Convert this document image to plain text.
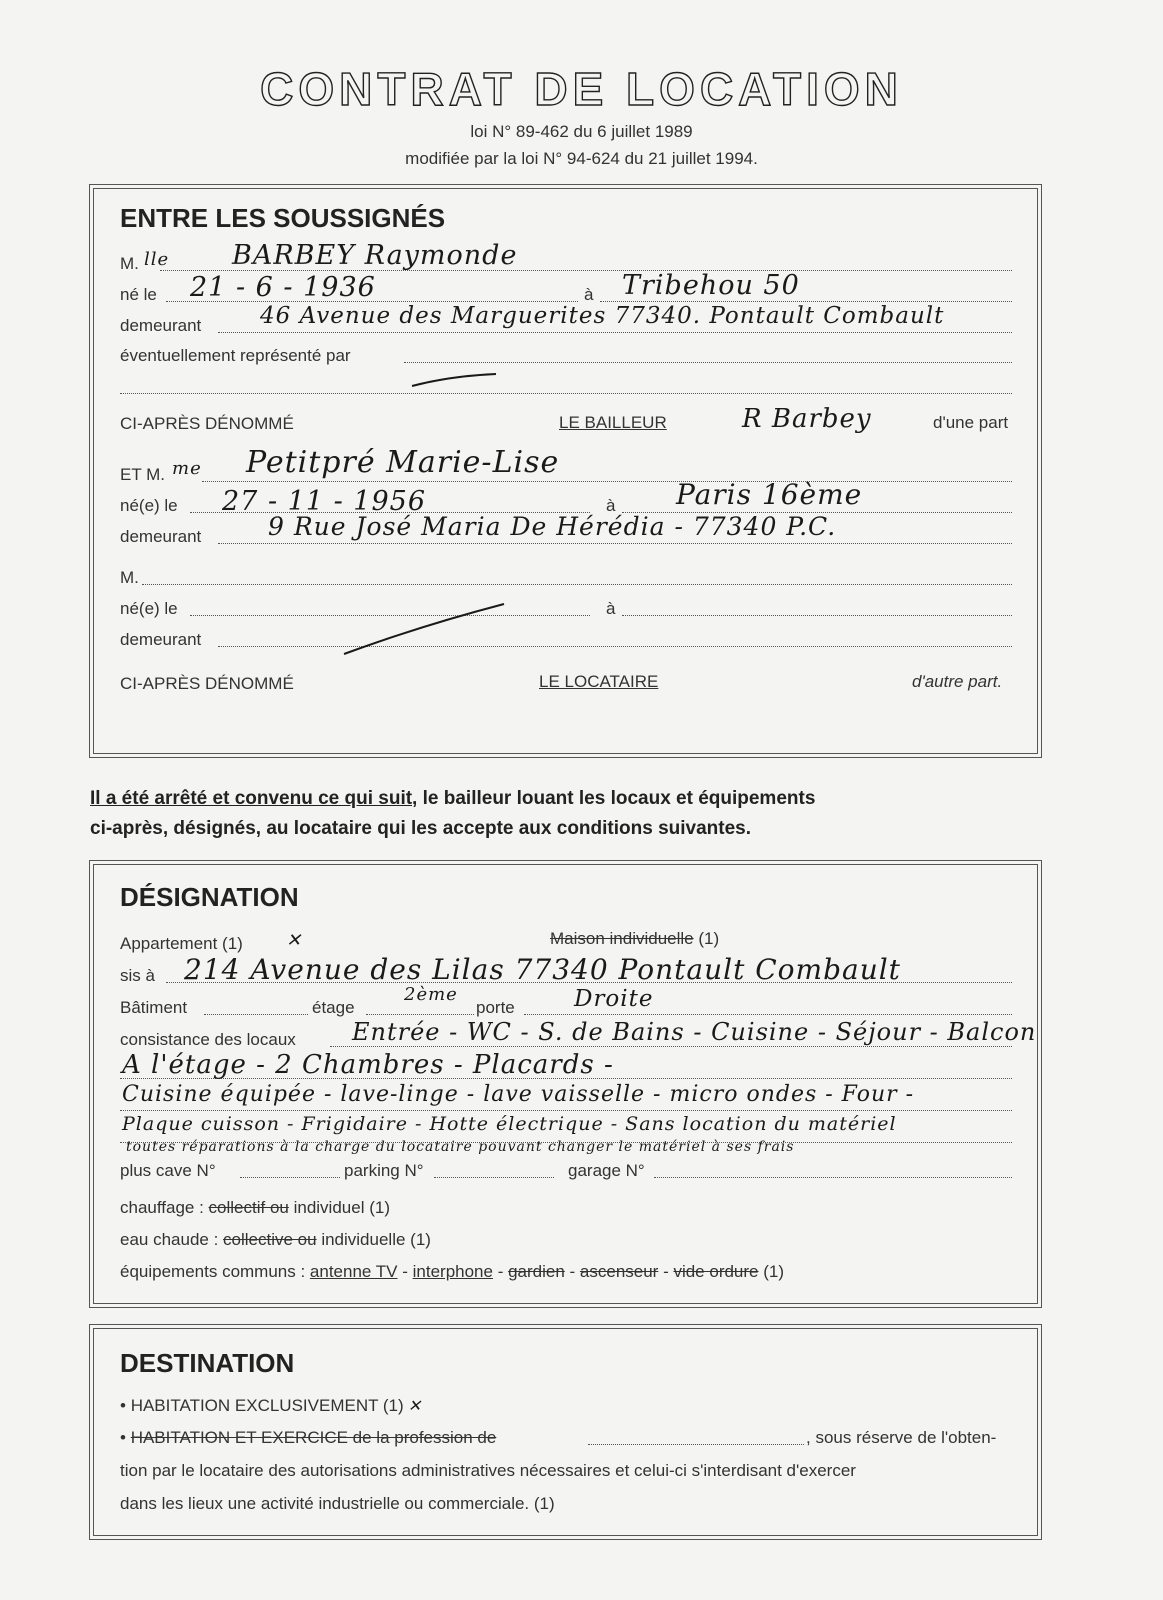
CONTRAT DE LOCATION
loi N° 89-462 du 6 juillet 1989
modifiée par la loi N° 94-624 du 21 juillet 1994.
ENTRE LES SOUSSIGNÉS
M. lle BARBEY Raymonde
né le 21 - 6 - 1936	à Tribehou 50
demeurant	46 Avenue des Marguerites 77340. Pontault Combault
éventuellement représenté par
CI-APRÈS DÉNOMMÉ	LE BAILLEUR	R Barbey	d'une part
ET M. me Petitpré Marie-Lise
né(e) le 27 - 11 - 1956	à Paris 16ème
demeurant	9 Rue José Maria De Hérédia - 77340 P.C.
M.
né(e) le	à
demeurant
CI-APRÈS DÉNOMMÉ	LE LOCATAIRE	d'autre part.
Il a été arrêté et convenu ce qui suit, le bailleur louant les locaux et équipements
ci-après, désignés, au locataire qui les accepte aux conditions suivantes.
DÉSIGNATION
Appartement (1) ✕	Maison individuelle (1)
sis à 214 Avenue des Lilas 77340 Pontault Combault
Bâtiment	étage
2ème
porte	Droite
consistance des locaux Entrée - WC - S. de Bains - Cuisine - Séjour - Balcon
A l'étage - 2 Chambres - Placards -
Cuisine équipée - lave-linge - lave vaisselle - micro ondes - Four -
Plaque cuisson - Frigidaire - Hotte électrique - Sans location du matériel
toutes réparations à la charge du locataire pouvant changer le matériel à ses frais
plus cave N°	parking N°	garage N°
chauffage : collectif ou individuel (1)
eau chaude : collective ou individuelle (1)
équipements communs : antenne TV - interphone - gardien - ascenseur - vide ordure (1)
DESTINATION
• HABITATION EXCLUSIVEMENT (1) ✕
• HABITATION ET EXERCICE de la profession de	, sous réserve de l'obten-
tion par le locataire des autorisations administratives nécessaires et celui-ci s'interdisant d'exercer
dans les lieux une activité industrielle ou commerciale. (1)
